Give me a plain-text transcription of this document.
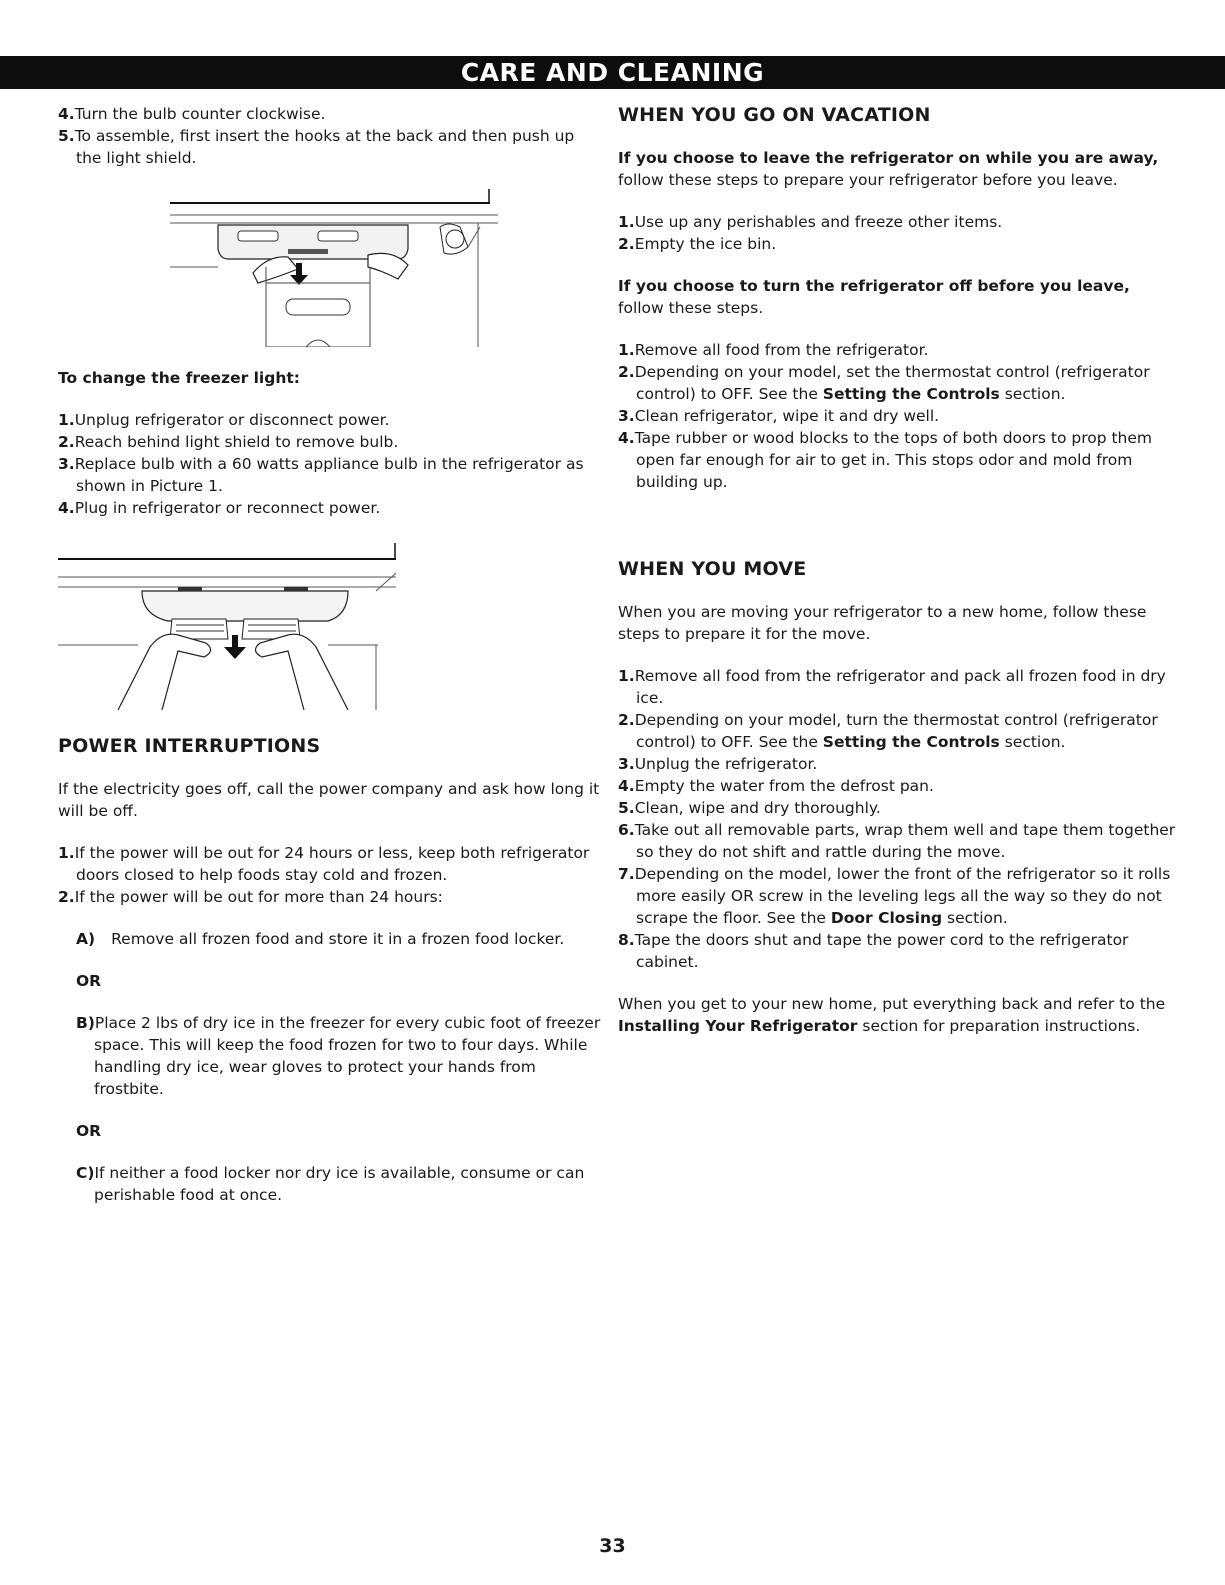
CARE AND CLEANING

4.Turn the bulb counter clockwise.

5.To assemble, first insert the hooks at the back and then push up the light shield.

To change the freezer light:

1.Unplug refrigerator or disconnect power.

2.Reach behind light shield to remove bulb.

3.Replace bulb with a 60 watts appliance bulb in the refrigerator as shown in Picture 1.

4.Plug in refrigerator or reconnect power.

POWER INTERRUPTIONS

If the electricity goes off, call the power company and ask how long it will be off.

1.If the power will be out for 24 hours or less, keep both refrigerator doors closed to help foods stay cold and frozen.

2.If the power will be out for more than 24 hours:

A) Remove all frozen food and store it in a frozen food locker.

OR

B)Place 2 lbs of dry ice in the freezer for every cubic foot of freezer space. This will keep the food frozen for two to four days. While handling dry ice, wear gloves to protect your hands from frostbite.

OR

C)If neither a food locker nor dry ice is available, consume or can perishable food at once.

WHEN YOU GO ON VACATION

If you choose to leave the refrigerator on while you are away, follow these steps to prepare your refrigerator before you leave.

1.Use up any perishables and freeze other items.

2.Empty the ice bin.

If you choose to turn the refrigerator off before you leave, follow these steps.

1.Remove all food from the refrigerator.

2.Depending on your model, set the thermostat control (refrigerator control) to OFF. See the Setting the Controls section.

3.Clean refrigerator, wipe it and dry well.

4.Tape rubber or wood blocks to the tops of both doors to prop them open far enough for air to get in. This stops odor and mold from building up.

WHEN YOU MOVE

When you are moving your refrigerator to a new home, follow these steps to prepare it for the move.

1.Remove all food from the refrigerator and pack all frozen food in dry ice.

2.Depending on your model, turn the thermostat control (refrigerator control) to OFF. See the Setting the Controls section.

3.Unplug the refrigerator.

4.Empty the water from the defrost pan.

5.Clean, wipe and dry thoroughly.

6.Take out all removable parts, wrap them well and tape them together so they do not shift and rattle during the move.

7.Depending on the model, lower the front of the refrigerator so it rolls more easily OR screw in the leveling legs all the way so they do not scrape the floor. See the Door Closing section.

8.Tape the doors shut and tape the power cord to the refrigerator cabinet.

When you get to your new home, put everything back and refer to the Installing Your Refrigerator section for preparation instructions.

33
